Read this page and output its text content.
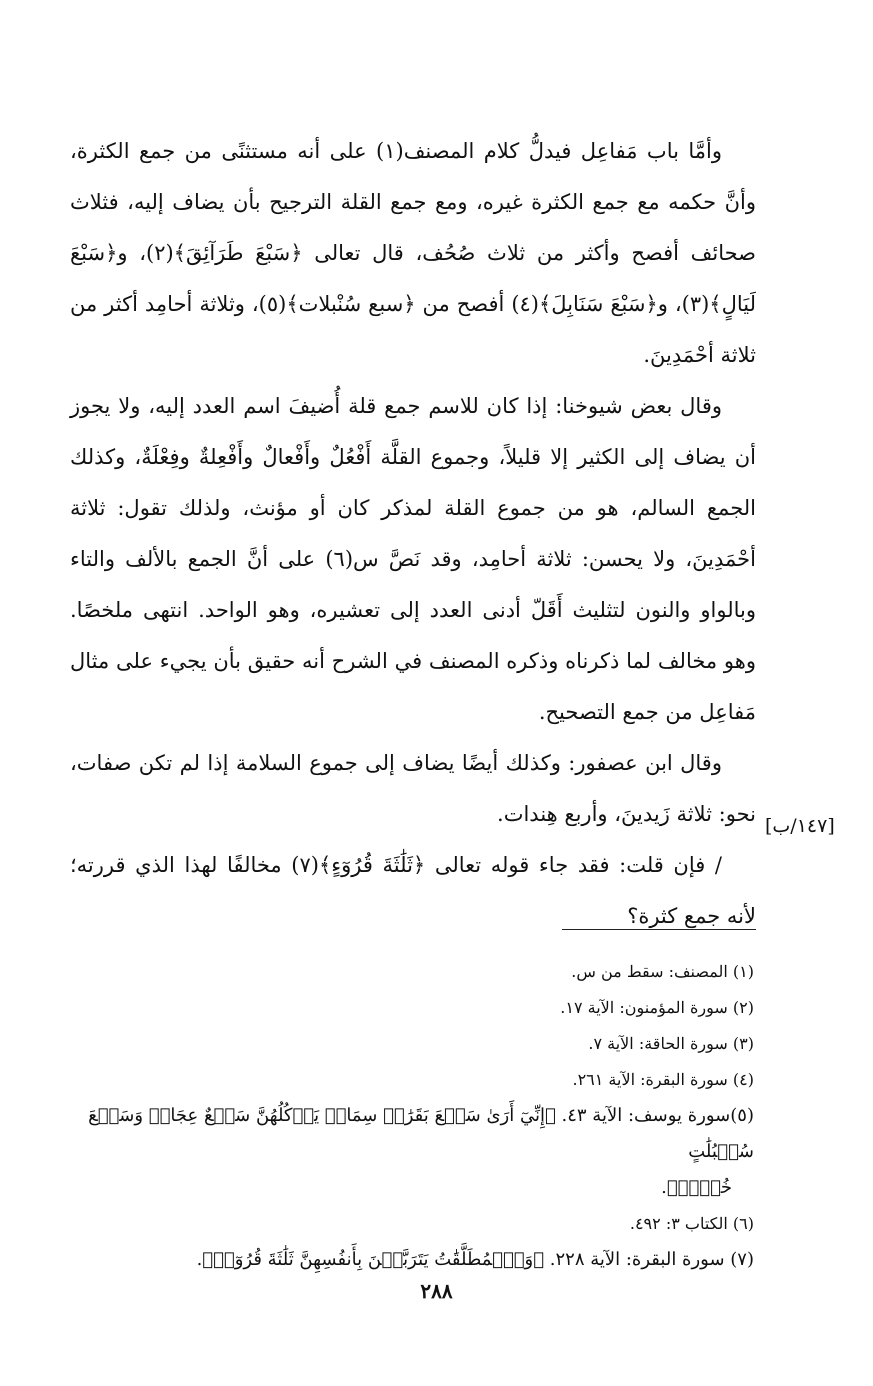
وأمَّا باب مَفاعِل فيدلُّ كلام المصنف(١) على أنه مستثنًى من جمع الكثرة، وأنَّ حكمه مع جمع الكثرة غيره، ومع جمع القلة الترجيح بأن يضاف إليه، فثلاث صحائف أفصح وأكثر من ثلاث صُحُف، قال تعالى ﴿سَبْعَ طَرَآئِقَ﴾(٢)، و﴿سَبْعَ لَيَالٍ﴾(٣)، و﴿سَبْعَ سَنَابِلَ﴾(٤) أفصح من ﴿سبع سُنْبلات﴾(٥)، وثلاثة أحامِد أكثر من ثلاثة أحْمَدِينَ.

وقال بعض شيوخنا: إذا كان للاسم جمع قلة أُضيفَ اسم العدد إليه، ولا يجوز أن يضاف إلى الكثير إلا قليلاً، وجموع القلَّة أَفْعُلٌ وأَفْعالٌ وأَفْعِلةٌ وفِعْلَةٌ، وكذلك الجمع السالم، هو من جموع القلة لمذكر كان أو مؤنث، ولذلك تقول: ثلاثة أحْمَدِينَ، ولا يحسن: ثلاثة أحامِد، وقد نَصَّ س(٦) على أنَّ الجمع بالألف والتاء وبالواو والنون لتثليث أَقَلّ أدنى العدد إلى تعشيره، وهو الواحد. انتهى ملخصًا. وهو مخالف لما ذكرناه وذكره المصنف في الشرح أنه حقيق بأن يجيء على مثال مَفاعِل من جمع التصحيح.

وقال ابن عصفور: وكذلك أيضًا يضاف إلى جموع السلامة إذا لم تكن صفات، نحو: ثلاثة زَيدينَ، وأربع هِندات.

/ فإن قلت: فقد جاء قوله تعالى ﴿ثَلَٰثَةَ قُرُوٓءٍ﴾(٧) مخالفًا لهذا الذي قررته؛ لأنه جمع كثرة؟

[١٤٧/ب]

(١) المصنف: سقط من س.

(٢) سورة المؤمنون: الآية ١٧.

(٣) سورة الحاقة: الآية ٧.

(٤) سورة البقرة: الآية ٢٦١.

(٥)سورة يوسف: الآية ٤٣. ﴿إِنِّيٓ أَرَىٰ سَبۡعَ بَقَرَٰتٖ سِمَانٖ يَأۡكُلُهُنَّ سَبۡعٌ عِجَافٞ وَسَبۡعَ سُنۢبُلَٰتٍ

خُضۡرٖ﴾.

(٦) الكتاب ٣: ٤٩٢.

(٧) سورة البقرة: الآية ٢٢٨. ﴿وَٱلۡمُطَلَّقَٰتُ يَتَرَبَّصۡنَ بِأَنفُسِهِنَّ ثَلَٰثَةَ قُرُوٓءٖ﴾.

٢٨٨
